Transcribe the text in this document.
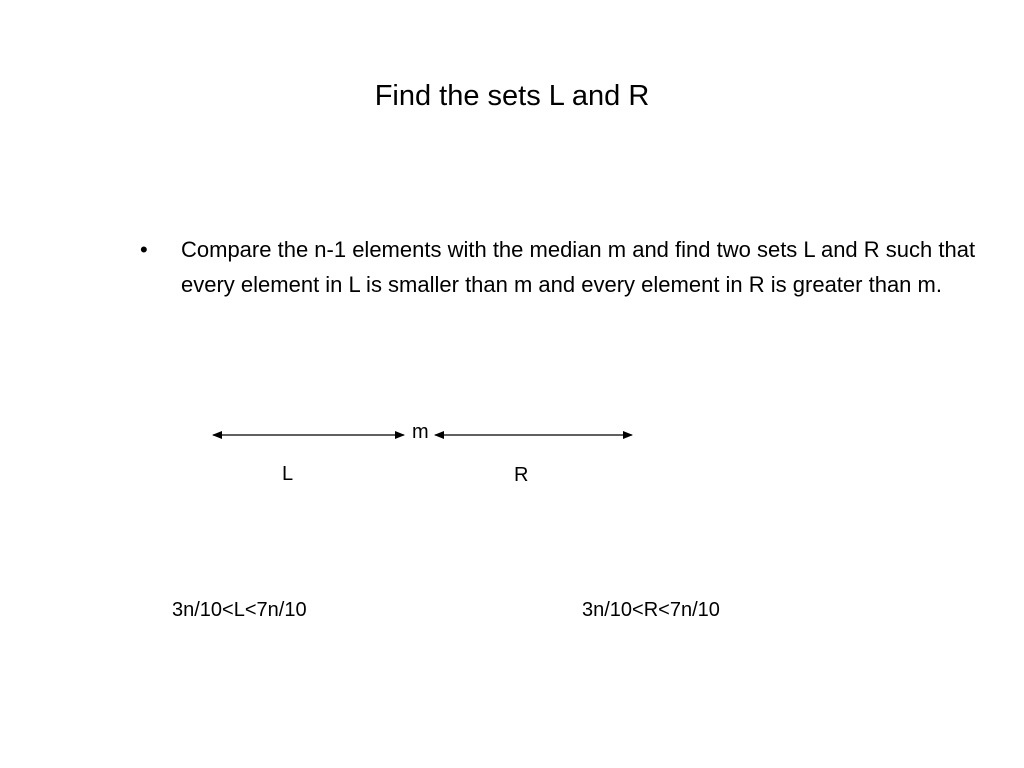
Find the sets L and R
• Compare the n-1 elements with the median m and find two sets L and R such that every element in L is smaller than m and every element in R is greater than m.
m
L	R
3n/10<L<7n/10	3n/10<R<7n/10
